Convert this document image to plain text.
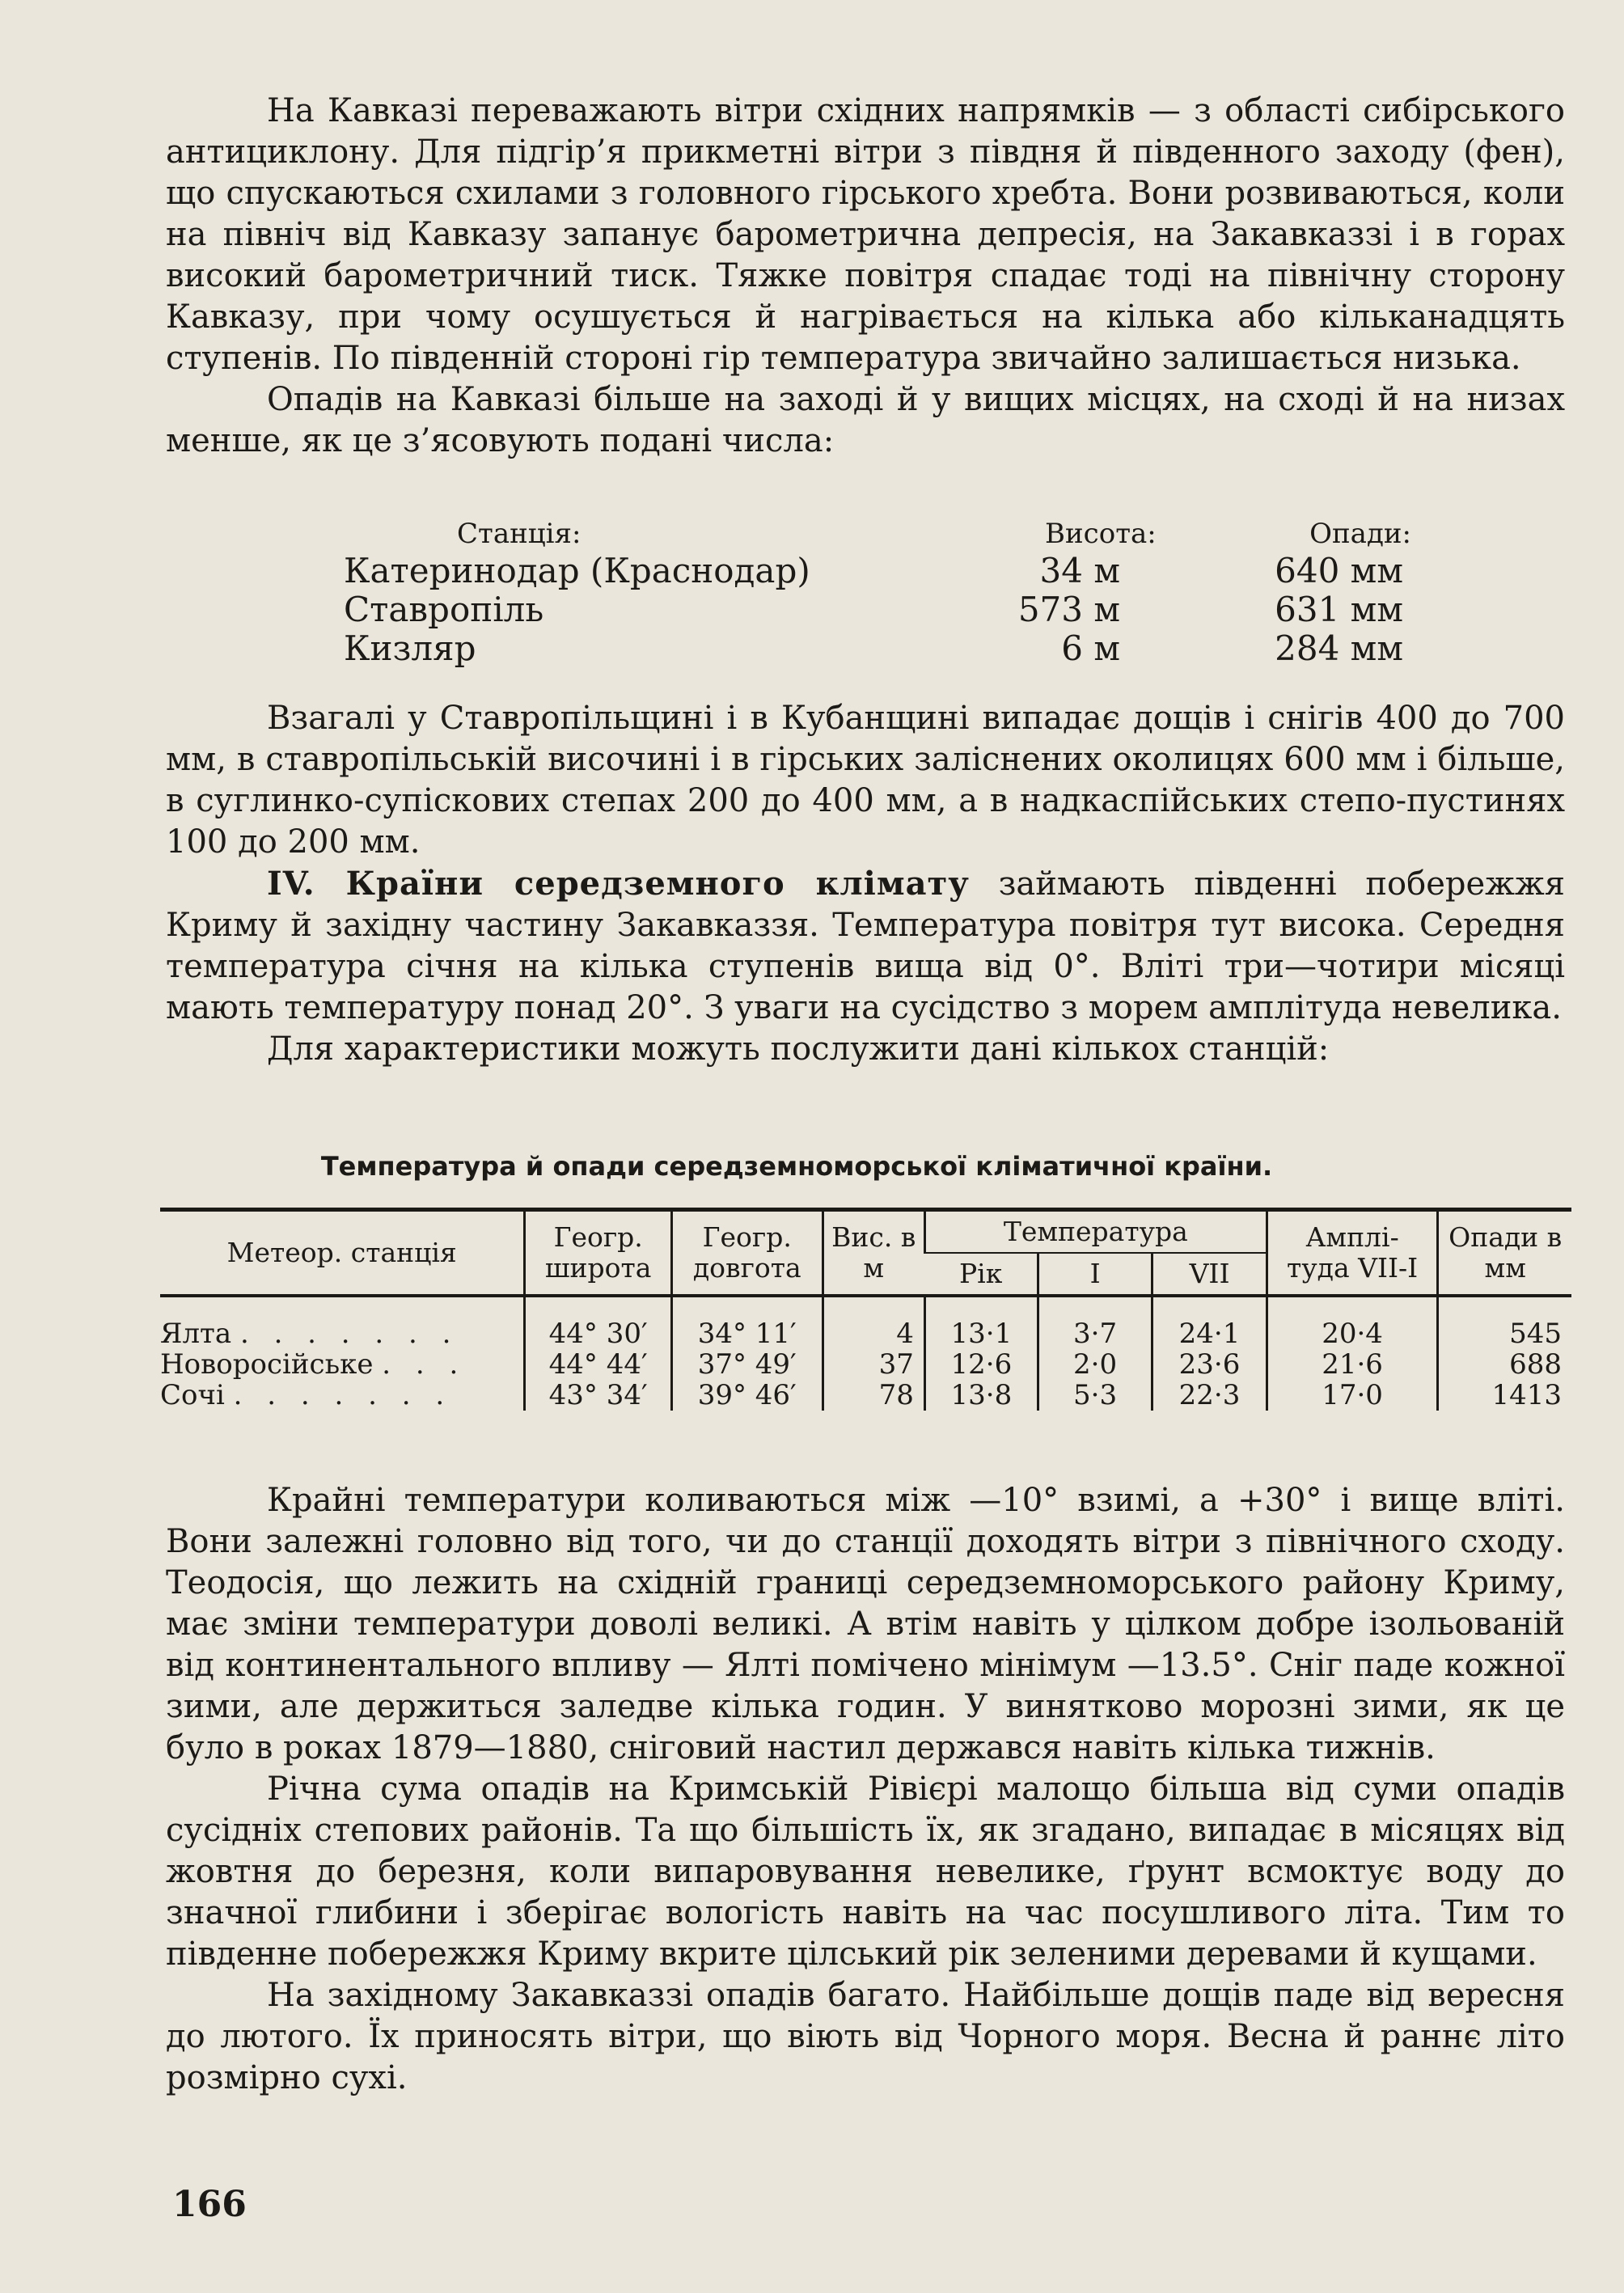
На Кавказі переважають вітри східних напрямків — з області сибірського антициклону. Для підгір’я прикметні вітри з півдня й південного заходу (фен), що спускаються схилами з головного гірського хребта. Вони розвиваються, коли на північ від Кавказу запанує барометрична депресія, на Закавказзі і в горах високий барометричний тиск. Тяжке повітря спадає тоді на північну сторону Кавказу, при чому осушується й нагрівається на кілька або кільканадцять ступенів. По південній стороні гір температура звичайно залишається низька.

Опадів на Кавказі більше на заході й у вищих місцях, на сході й на низах менше, як це з’ясовують подані числа:

Станція:	Висота:	Опади:
Катеринодар (Краснодар)	34 м	640 мм
Ставропіль	573 м	631 мм
Кизляр	6 м	284 мм

Взагалі у Ставропільщині і в Кубанщині випадає дощів і снігів 400 до 700 мм, в ставропільській височині і в гірських заліснених околицях 600 мм і більше, в суглинко-супіскових степах 200 до 400 мм, а в надкаспійських степо-пустинях 100 до 200 мм.

IV. Країни середземного клімату займають південні побережжя Криму й західну частину Закавказзя. Температура повітря тут висока. Середня температура січня на кілька ступенів вища від 0°. Вліті три—чотири місяці мають температуру понад 20°. З уваги на сусідство з морем амплітуда невелика.

Для характеристики можуть послужити дані кількох станцій:

Температура й опади середземноморської кліматичної країни.
Метеор. станція	Геогр. широта	Геогр. довгота	Вис. в м	Температура			Амплі- туда VII-I	Опади в мм
				Рік	I	VII		
Ялта . . . . . . .	44° 30′	34° 11′	4	13·1	3·7	24·1	20·4	545
Новоросійське . . .	44° 44′	37° 49′	37	12·6	2·0	23·6	21·6	688
Сочі . . . . . . .	43° 34′	39° 46′	78	13·8	5·3	22·3	17·0	1413

Крайні температури коливаються між —10° взимі, а +30° і вище влітi. Вони залежні головно від того, чи до станції доходять вітри з північного сходу. Теодосія, що лежить на східній границі середземноморського району Криму, має зміни температури доволі великі. А втім навіть у цілком добре ізольованій від континентального впливу — Ялті помічено мінімум —13.5°. Сніг паде кожної зими, але держиться заледве кілька годин. У винятково морозні зими, як це було в роках 1879—1880, сніговий настил держався навіть кілька тижнів.

Річна сума опадів на Кримській Рівієрі малощо більша від суми опадів сусідніх степових районів. Та що більшість їх, як згадано, випадає в місяцях від жовтня до березня, коли випаровування невелике, ґрунт всмоктує воду до значної глибини і зберігає вологість навіть на час посушливого літа. Тим то південне побережжя Криму вкрите цілський рік зеленими деревами й кущами.

На західному Закавказзі опадів багато. Найбільше дощів паде від вересня до лютого. Їх приносять вітри, що віють від Чорного моря. Весна й раннє літо розмірно сухі.

166
